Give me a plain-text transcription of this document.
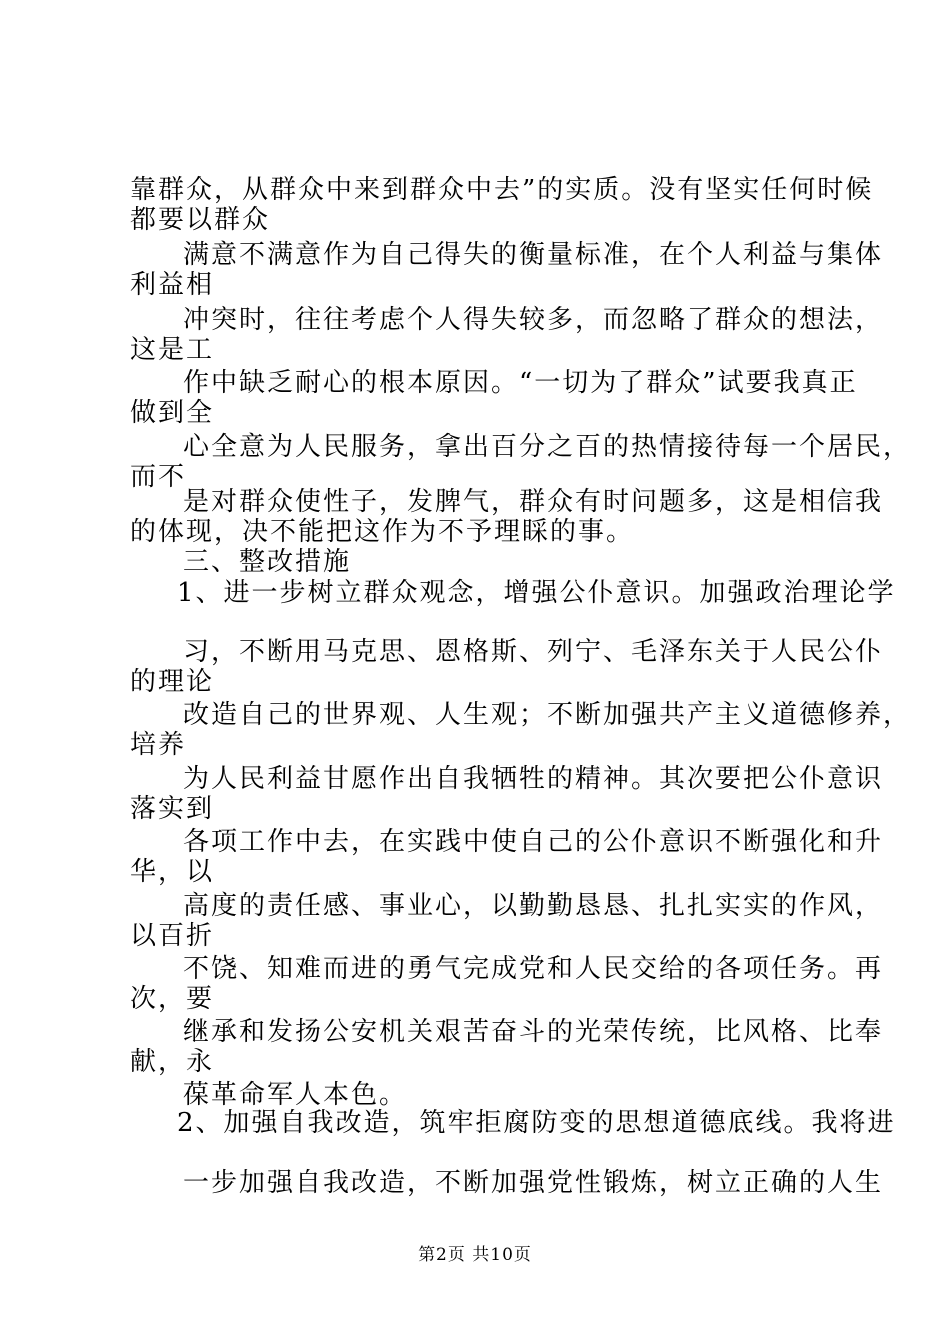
靠群众，从群众中来到群众中去”的实质。没有坚实任何时候
都要以群众
满意不满意作为自己得失的衡量标准，在个人利益与集体
利益相
冲突时，往往考虑个人得失较多，而忽略了群众的想法，
这是工
作中缺乏耐心的根本原因。“一切为了群众”试要我真正
做到全
心全意为人民服务，拿出百分之百的热情接待每一个居民，
而不
是对群众使性子，发脾气，群众有时问题多，这是相信我
的体现，决不能把这作为不予理睬的事。
三、整改措施
1、进一步树立群众观念，增强公仆意识。加强政治理论学
习，不断用马克思、恩格斯、列宁、毛泽东关于人民公仆
的理论
改造自己的世界观、人生观；不断加强共产主义道德修养，
培养
为人民利益甘愿作出自我牺牲的精神。其次要把公仆意识
落实到
各项工作中去，在实践中使自己的公仆意识不断强化和升
华，以
高度的责任感、事业心，以勤勤恳恳、扎扎实实的作风，
以百折
不饶、知难而进的勇气完成党和人民交给的各项任务。再
次，要
继承和发扬公安机关艰苦奋斗的光荣传统，比风格、比奉
献，永
葆革命军人本色。
2、加强自我改造，筑牢拒腐防变的思想道德底线。我将进
一步加强自我改造，不断加强党性锻炼，树立正确的人生
第2页 共10页
